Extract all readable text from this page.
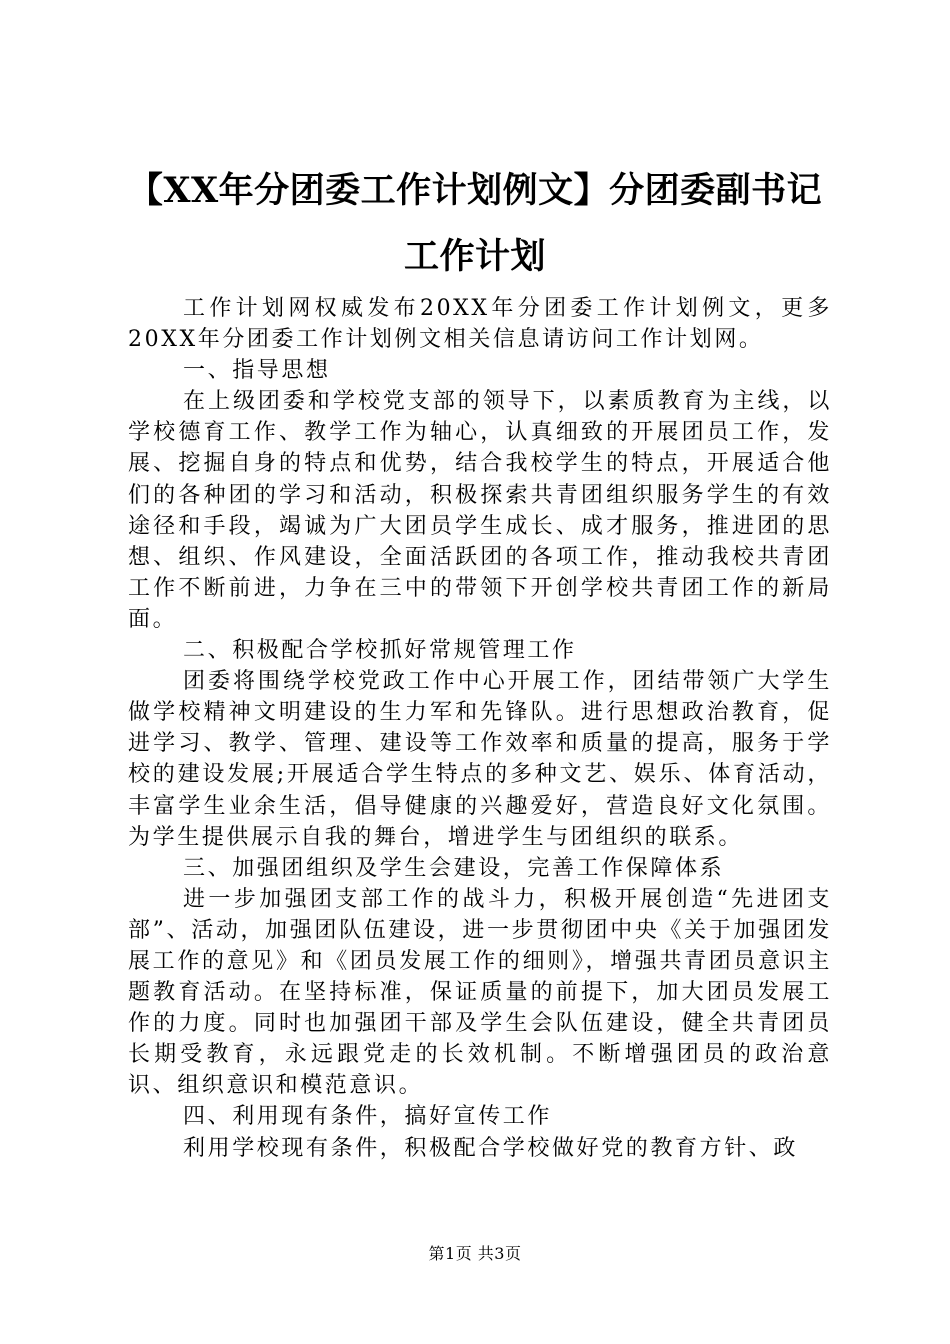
【XX年分团委工作计划例文】分团委副书记
工作计划

工作计划网权威发布20XX年分团委工作计划例文，更多20XX年分团委工作计划例文相关信息请访问工作计划网。

一、指导思想

在上级团委和学校党支部的领导下，以素质教育为主线，以学校德育工作、教学工作为轴心，认真细致的开展团员工作，发展、挖掘自身的特点和优势，结合我校学生的特点，开展适合他们的各种团的学习和活动，积极探索共青团组织服务学生的有效途径和手段，竭诚为广大团员学生成长、成才服务，推进团的思想、组织、作风建设，全面活跃团的各项工作，推动我校共青团工作不断前进，力争在三中的带领下开创学校共青团工作的新局面。

二、积极配合学校抓好常规管理工作

团委将围绕学校党政工作中心开展工作，团结带领广大学生做学校精神文明建设的生力军和先锋队。进行思想政治教育，促进学习、教学、管理、建设等工作效率和质量的提高，服务于学校的建设发展;开展适合学生特点的多种文艺、娱乐、体育活动，丰富学生业余生活，倡导健康的兴趣爱好，营造良好文化氛围。为学生提供展示自我的舞台，增进学生与团组织的联系。

三、加强团组织及学生会建设，完善工作保障体系

进一步加强团支部工作的战斗力，积极开展创造“先进团支部”、活动，加强团队伍建设，进一步贯彻团中央《关于加强团发展工作的意见》和《团员发展工作的细则》，增强共青团员意识主题教育活动。在坚持标准，保证质量的前提下，加大团员发展工作的力度。同时也加强团干部及学生会队伍建设，健全共青团员长期受教育，永远跟党走的长效机制。不断增强团员的政治意识、组织意识和模范意识。

四、利用现有条件，搞好宣传工作

利用学校现有条件，积极配合学校做好党的教育方针、政

第1页 共3页
